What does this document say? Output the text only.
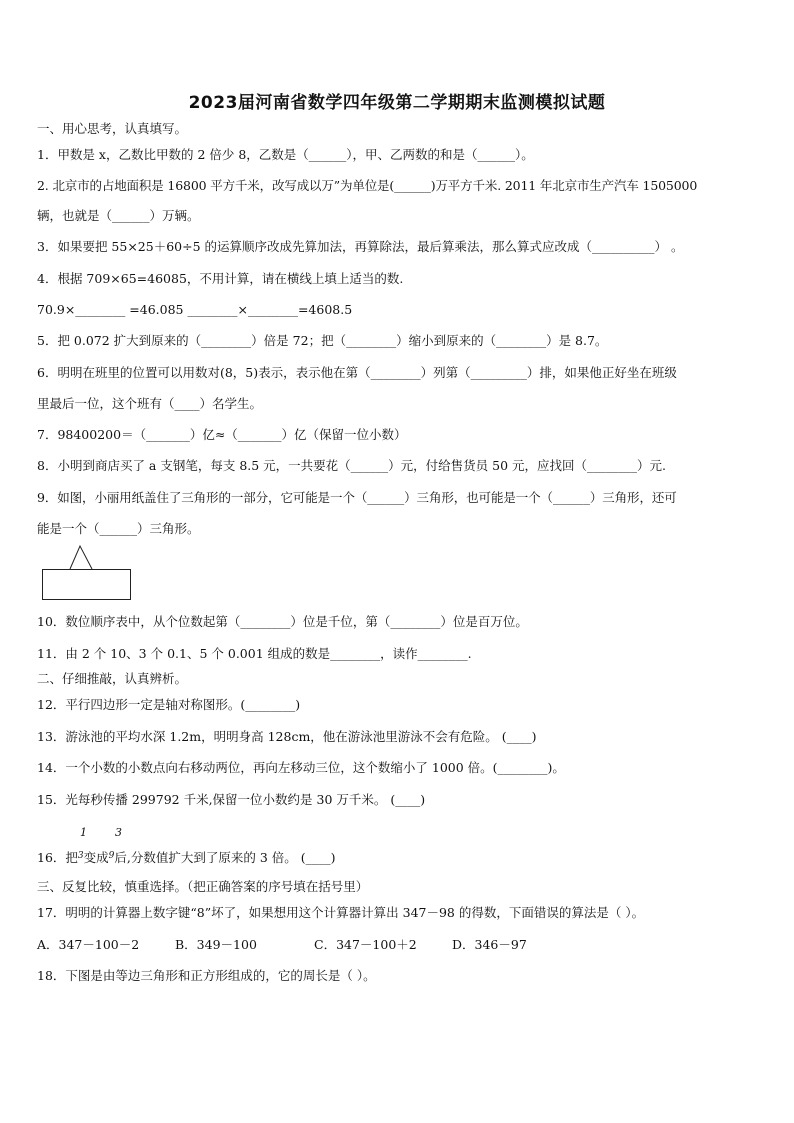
2023届河南省数学四年级第二学期期末监测模拟试题
一、用心思考，认真填写。
1．甲数是 x，乙数比甲数的 2 倍少 8，乙数是（______），甲、乙两数的和是（______）。
2. 北京市的占地面积是 16800 平方千米，改写成以万”为单位是(______)万平方千米. 2011 年北京市生产汽车 1505000
辆，也就是（______）万辆。
3．如果要把 55×25＋60÷5 的运算顺序改成先算加法，再算除法，最后算乘法，那么算式应改成（__________） 。
4．根据 709×65=46085，不用计算，请在横线上填上适当的数.
70.9×________ =46.085 ________×________=4608.5
5．把 0.072 扩大到原来的（________）倍是 72；把（________）缩小到原来的（________）是 8.7。
6．明明在班里的位置可以用数对(8，5)表示，表示他在第（________）列第（_________）排，如果他正好坐在班级
里最后一位，这个班有（____）名学生。
7．98400200＝（_______）亿≈（_______）亿（保留一位小数）
8．小明到商店买了 a 支钢笔，每支 8.5 元，一共要花（______）元，付给售货员 50 元，应找回（________）元.
9．如图，小丽用纸盖住了三角形的一部分，它可能是一个（______）三角形，也可能是一个（______）三角形，还可
能是一个（______）三角形。
10．数位顺序表中，从个位数起第（________）位是千位，第（________）位是百万位。
11．由 2 个 10、3 个 0.1、5 个 0.001 组成的数是________，读作________.
二、仔细推敲，认真辨析。
12．平行四边形一定是轴对称图形。(________)
13．游泳池的平均水深 1.2m，明明身高 128cm，他在游泳池里游泳不会有危险。 (____)
14．一个小数的小数点向右移动两位，再向左移动三位，这个数缩小了 1000 倍。(________)。
15．光每秒传播 299792 千米,保留一位小数约是 30 万千米。 (____)
1	3
16．把$^3$变成$^9$后,分数值扩大到了原来的 3 倍。 (____)
三、反复比较，慎重选择。（把正确答案的序号填在括号里）
17．明明的计算器上数字键“8”坏了，如果想用这个计算器计算出 347－98 的得数，下面错误的算法是（ ）。
A．347－100－2	B．349－100	C．347－100＋2	D．346－97
18．下图是由等边三角形和正方形组成的，它的周长是（ ）。
